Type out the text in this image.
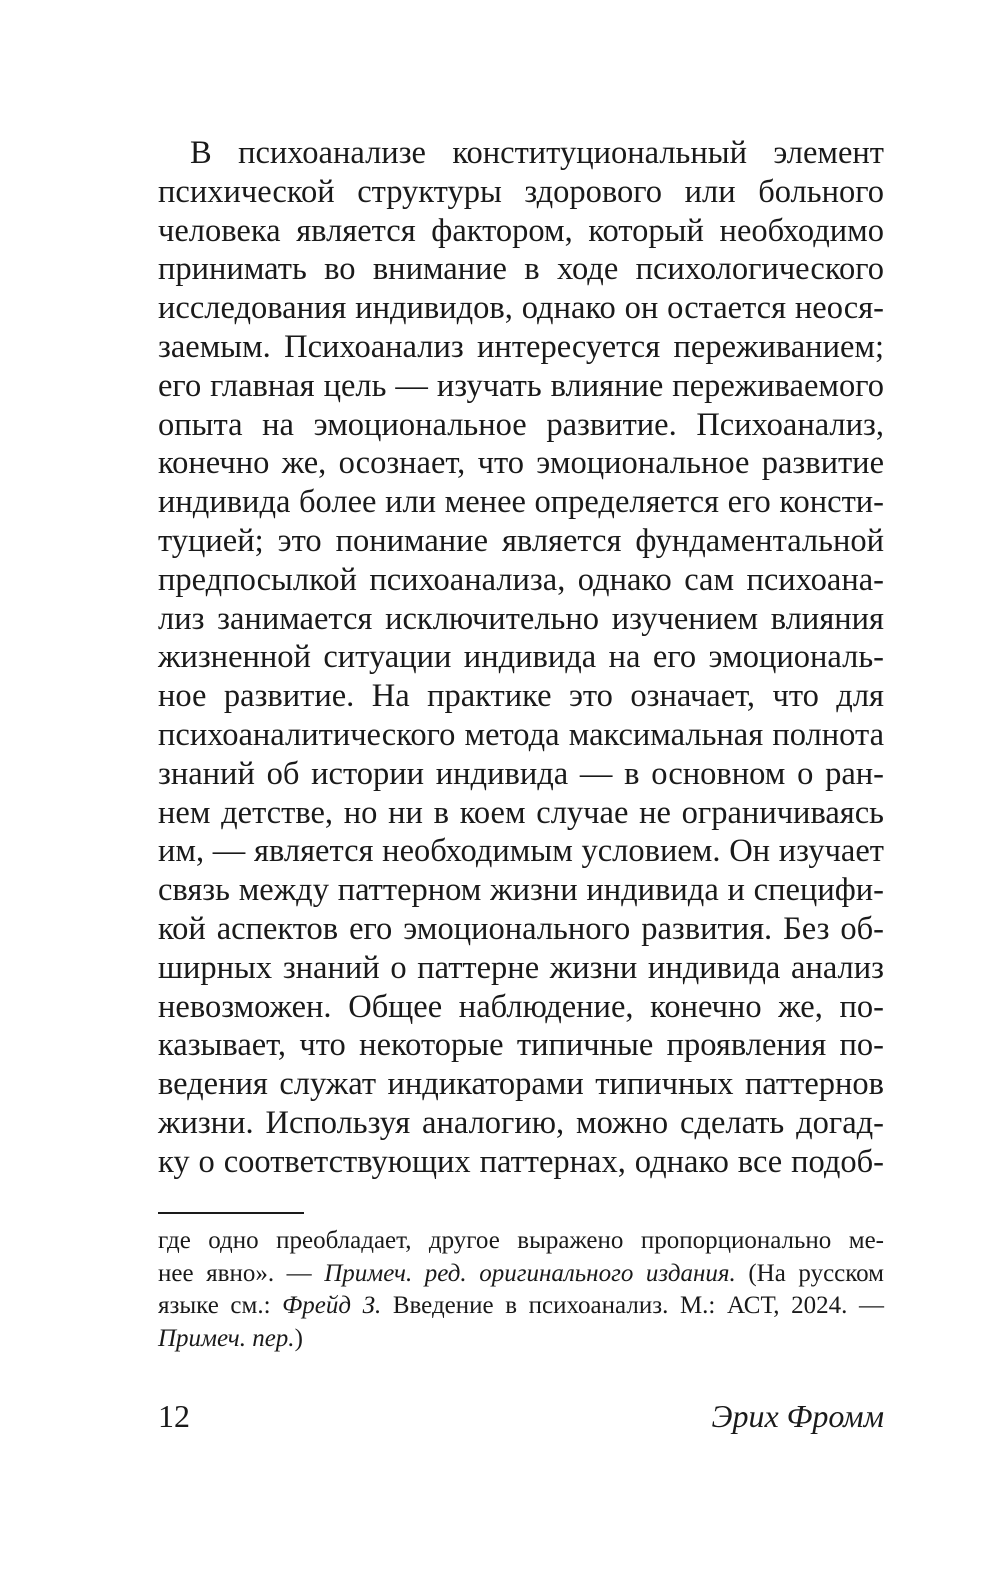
В психоанализе конституциональный элемент
психической структуры здорового или больного
человека является фактором, который необходимо
принимать во внимание в ходе психологического
исследования индивидов, однако он остается неося-
заемым. Психоанализ интересуется переживанием;
его главная цель — изучать влияние переживаемого
опыта на эмоциональное развитие. Психоанализ,
конечно же, осознает, что эмоциональное развитие
индивида более или менее определяется его консти-
туцией; это понимание является фундаментальной
предпосылкой психоанализа, однако сам психоана-
лиз занимается исключительно изучением влияния
жизненной ситуации индивида на его эмоциональ-
ное развитие. На практике это означает, что для
психоаналитического метода максимальная полнота
знаний об истории индивида — в основном о ран-
нем детстве, но ни в коем случае не ограничиваясь
им, — является необходимым условием. Он изучает
связь между паттерном жизни индивида и специфи-
кой аспектов его эмоционального развития. Без об-
ширных знаний о паттерне жизни индивида анализ
невозможен. Общее наблюдение, конечно же, по-
казывает, что некоторые типичные проявления по-
ведения служат индикаторами типичных паттернов
жизни. Используя аналогию, можно сделать догад-
ку о соответствующих паттернах, однако все подоб-
где одно преобладает, другое выражено пропорционально ме-
нее явно». — Примеч. ред. оригинального издания. (На русском
языке см.: Фрейд З. Введение в психоанализ. М.: АСТ, 2024. —
Примеч. пер.)
12	Эрих Фромм
